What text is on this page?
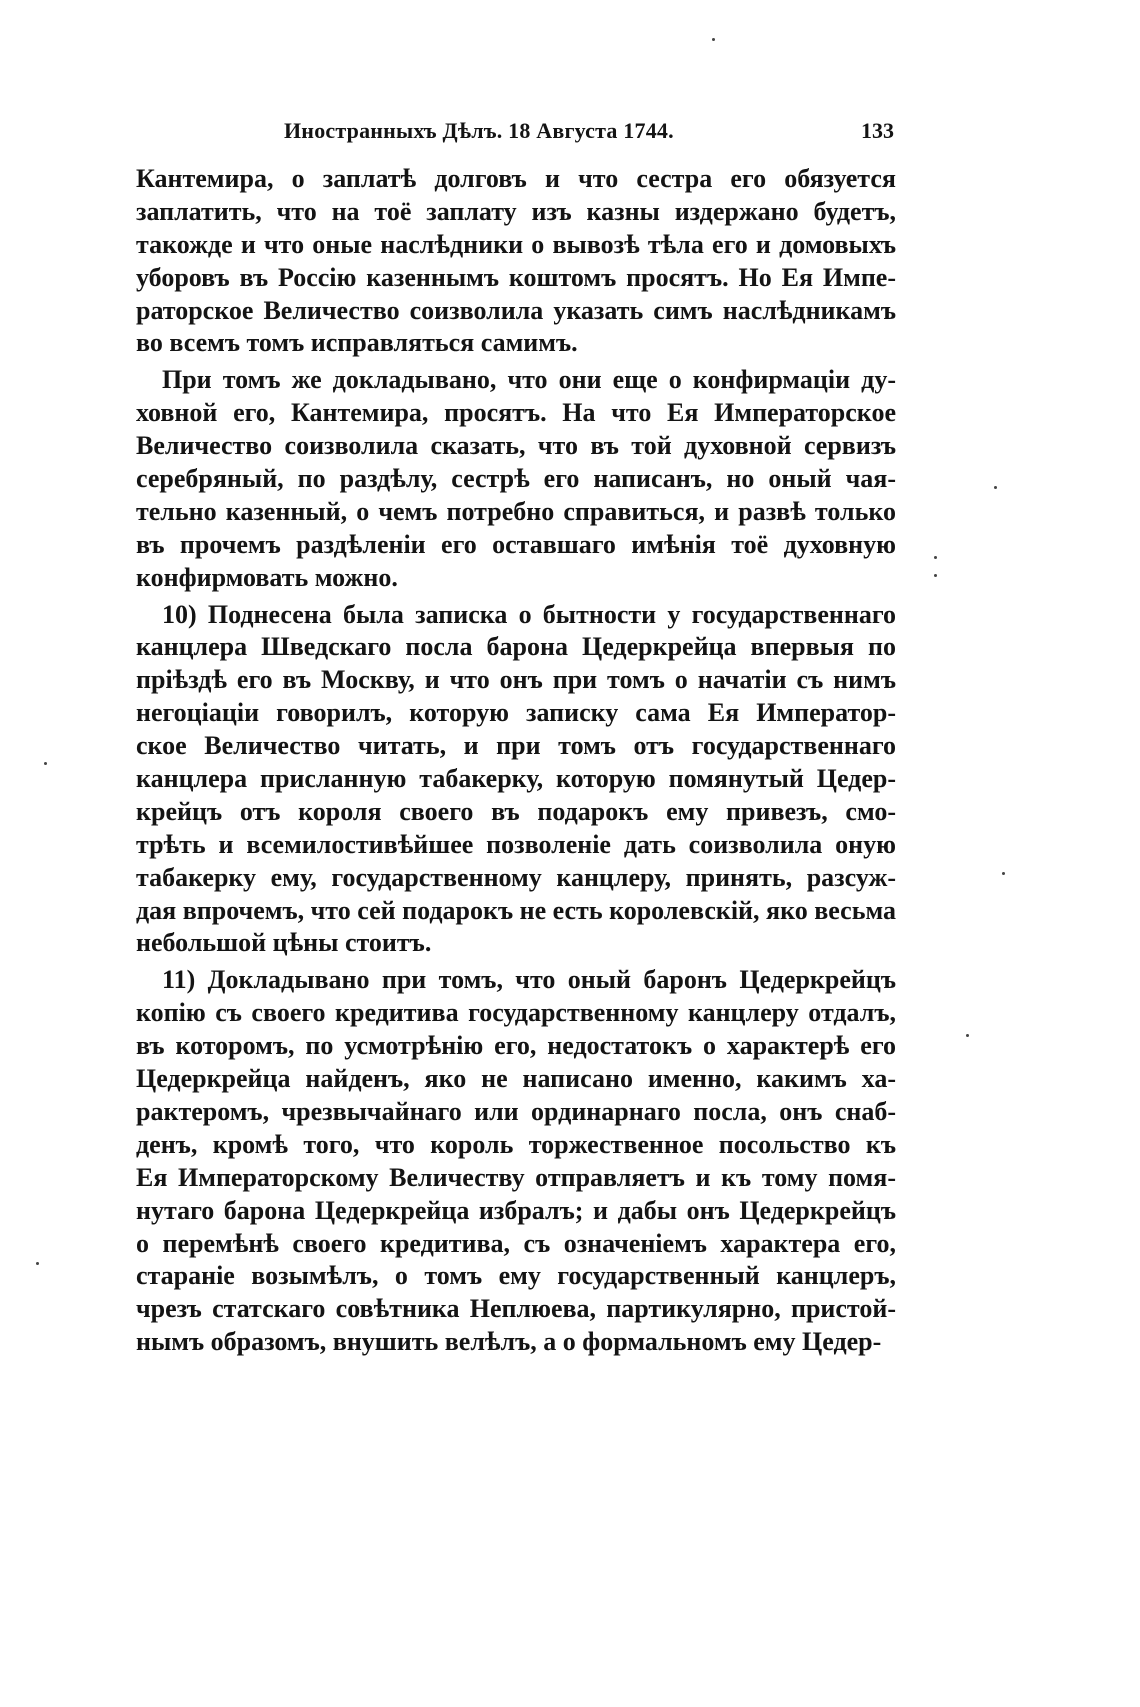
Иностранныхъ Дѣлъ. 18 Августа 1744.	133
Кантемира, о заплатѣ долговъ и что сестра его обязуется
заплатить, что на тоё заплату изъ казны издержано будетъ,
такожде и что оные наслѣдники о вывозѣ тѣла его и домовыхъ
уборовъ въ Россію казеннымъ коштомъ просятъ. Но Ея Импе-
раторское Величество соизволила указать симъ наслѣдникамъ
во всемъ томъ исправляться самимъ.
При томъ же докладывано, что они еще о конфирмаціи ду-
ховной его, Кантемира, просятъ. На что Ея Императорское
Величество соизволила сказать, что въ той духовной сервизъ
серебряный, по раздѣлу, сестрѣ его написанъ, но оный чая-
тельно казенный, о чемъ потребно справиться, и развѣ только
въ прочемъ раздѣленіи его оставшаго имѣнія тоё духовную
конфирмовать можно.
10) Поднесена была записка о бытности у государственнаго
канцлера Шведскаго посла барона Цедеркрейца впервыя по
пріѣздѣ его въ Москву, и что онъ при томъ о начатіи съ нимъ
негоціаціи говорилъ, которую записку сама Ея Император-
ское Величество читать, и при томъ отъ государственнаго
канцлера присланную табакерку, которую помянутый Цедер-
крейцъ отъ короля своего въ подарокъ ему привезъ, смо-
трѣть и всемилостивѣйшее позволеніе дать соизволила оную
табакерку ему, государственному канцлеру, принять, разсуж-
дая впрочемъ, что сей подарокъ не есть королевскій, яко весьма
небольшой цѣны стоитъ.
11) Докладывано при томъ, что оный баронъ Цедеркрейцъ
копію съ своего кредитива государственному канцлеру отдалъ,
въ которомъ, по усмотрѣнію его, недостатокъ о характерѣ его
Цедеркрейца найденъ, яко не написано именно, какимъ ха-
рактеромъ, чрезвычайнаго или ординарнаго посла, онъ снаб-
денъ, кромѣ того, что король торжественное посольство къ
Ея Императорскому Величеству отправляетъ и къ тому помя-
нутаго барона Цедеркрейца избралъ; и дабы онъ Цедеркрейцъ
о перемѣнѣ своего кредитива, съ означеніемъ характера его,
стараніе возымѣлъ, о томъ ему государственный канцлеръ,
чрезъ статскаго совѣтника Неплюева, партикулярно, пристой-
нымъ образомъ, внушить велѣлъ, а о формальномъ ему Цедер-
